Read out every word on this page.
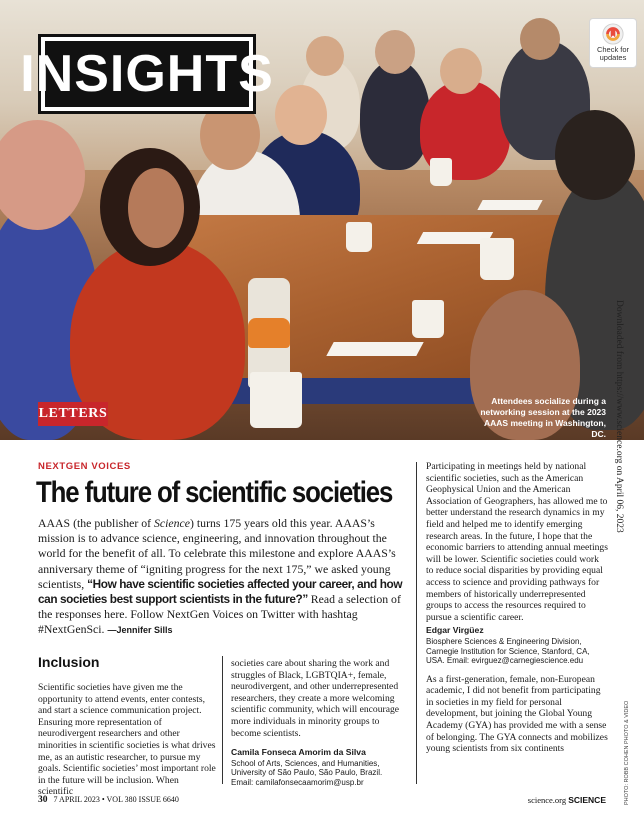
INSIGHTS	Check for
updates
LETTERS
Attendees socialize during a
networking session at the 2023
AAAS meeting in Washington, DC. Downloaded from https://www.science.org on April 06, 2023
PHOTO: ROBB COHEN PHOTO & VIDEO
NEXTGEN VOICES
The future of scientific societies
AAAS (the publisher of Science) turns 175 years old this year. AAAS’s mission is to advance science, engineering, and innovation throughout the world for the benefit of all. To celebrate this milestone and explore AAAS’s anniversary theme of “igniting progress for the next 175,” we asked young scientists, “How have scientific societies affected your career, and how can societies best support scientists in the future?” Read a selection of the responses here. Follow NextGen Voices on Twitter with hashtag #NextGenSci. —Jennifer Sills
Inclusion
Scientific societies have given me the opportunity to attend events, enter contests, and start a science communication project. Ensuring more representation of neurodivergent researchers and other minorities in scientific societies is what drives me, as an autistic researcher, to pursue my goals. Scientific societies’ most important role in the future will be inclusion. When scientific
societies care about sharing the work and struggles of Black, LGBTQIA+, female, neurodivergent, and other underrepresented researchers, they create a more welcoming scientific community, which will encourage more individuals in minority groups to become scientists.
Camila Fonseca Amorim da Silva
School of Arts, Sciences, and Humanities,
University of São Paulo, São Paulo, Brazil.
Email: camilafonsecaamorim@usp.br
Participating in meetings held by national scientific societies, such as the American Geophysical Union and the American Association of Geographers, has allowed me to better understand the research dynamics in my field and helped me to identify emerging research areas. In the future, I hope that the economic barriers to attending annual meetings will be lower. Scientific societies could work to reduce social disparities by providing equal access to science and providing pathways for members of historically underrepresented groups to access the resources required to pursue a scientific career.
Edgar Virgüez
Biosphere Sciences & Engineering Division,
Carnegie Institution for Science, Stanford, CA,
USA. Email: evirguez@carnegiescience.edu
As a first-generation, female, non-European academic, I did not benefit from participating in societies in my field for personal development, but joining the Global Young Academy (GYA) has provided me with a sense of belonging. The GYA connects and mobilizes young scientists from six continents
30 7 APRIL 2023 • VOL 380 ISSUE 6640	science.org SCIENCE
